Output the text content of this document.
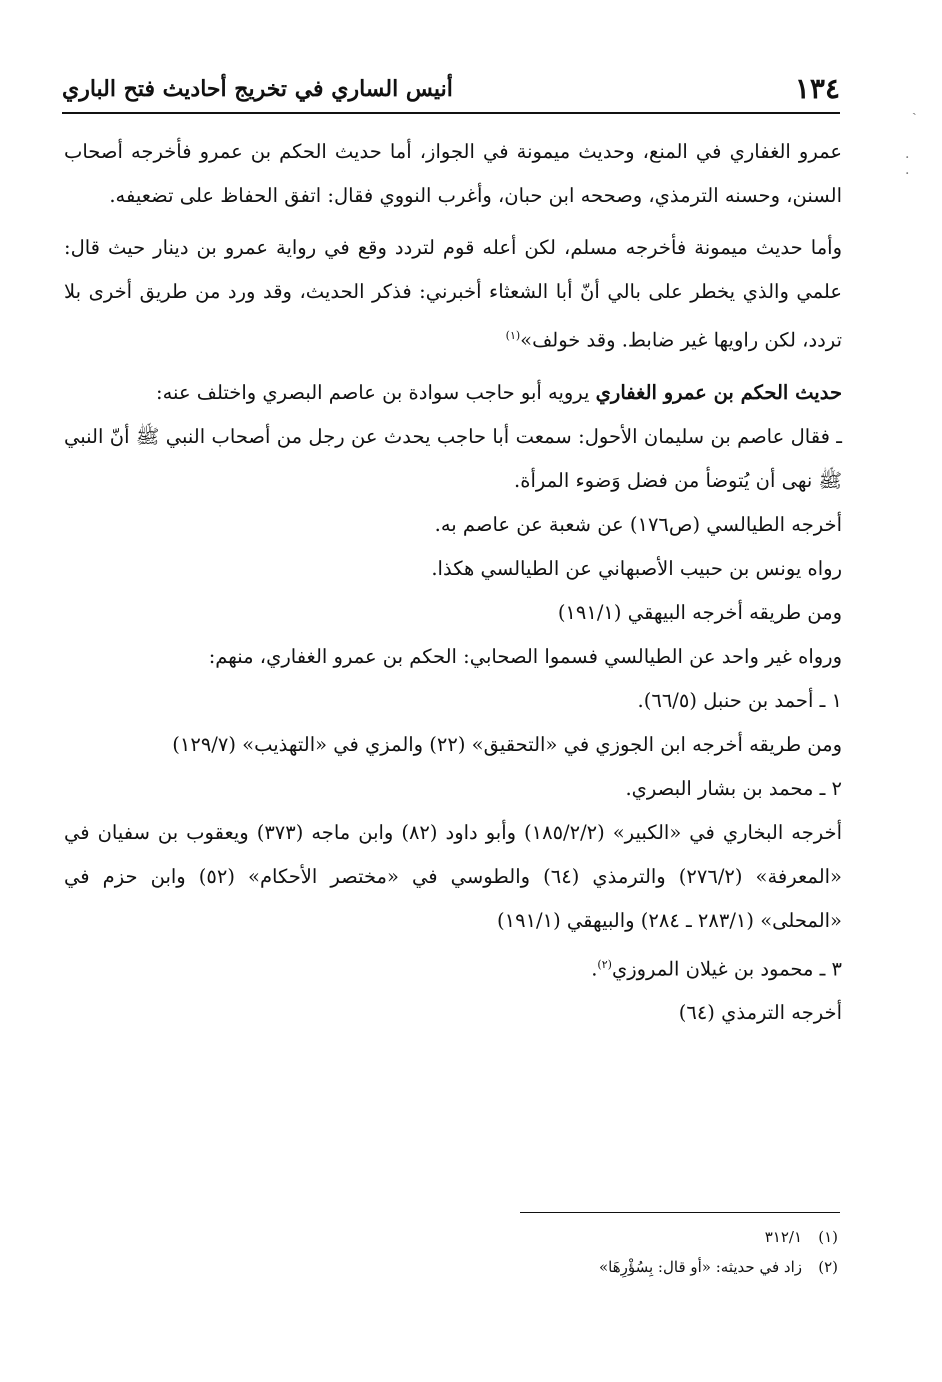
١٣٤
أنيس الساري في تخريج أحاديث فتح الباري
عمرو الغفاري في المنع، وحديث ميمونة في الجواز، أما حديث الحكم بن عمرو فأخرجه أصحاب السنن، وحسنه الترمذي، وصححه ابن حبان، وأغرب النووي فقال: اتفق الحفاظ على تضعيفه.
وأما حديث ميمونة فأخرجه مسلم، لكن أعله قوم لتردد وقع في رواية عمرو بن دينار حيث قال: علمي والذي يخطر على بالي أنّ أبا الشعثاء أخبرني: فذكر الحديث، وقد ورد من طريق أخرى بلا تردد، لكن راويها غير ضابط. وقد خولف»$^{(١)}$
حديث الحكم بن عمرو الغفاري يرويه أبو حاجب سوادة بن عاصم البصري واختلف عنه:
ـ فقال عاصم بن سليمان الأحول: سمعت أبا حاجب يحدث عن رجل من أصحاب النبي ﷺ أنّ النبي ﷺ نهى أن يُتوضأ من فضل وَضوء المرأة.
أخرجه الطيالسي (ص١٧٦) عن شعبة عن عاصم به.
رواه يونس بن حبيب الأصبهاني عن الطيالسي هكذا.
ومن طريقه أخرجه البيهقي (١٩١/١)
ورواه غير واحد عن الطيالسي فسموا الصحابي: الحكم بن عمرو الغفاري، منهم:
١ ـ أحمد بن حنبل (٦٦/٥).
ومن طريقه أخرجه ابن الجوزي في «التحقيق» (٢٢) والمزي في «التهذيب» (١٢٩/٧)
٢ ـ محمد بن بشار البصري.
أخرجه البخاري في «الكبير» (١٨٥/٢/٢) وأبو داود (٨٢) وابن ماجه (٣٧٣) ويعقوب بن سفيان في «المعرفة» (٢٧٦/٢) والترمذي (٦٤) والطوسي في «مختصر الأحكام» (٥٢) وابن حزم في «المحلى» (٢٨٣/١ ـ ٢٨٤) والبيهقي (١٩١/١)
٣ ـ محمود بن غيلان المروزي$^{(٢)}$.
أخرجه الترمذي (٦٤)
(١)٣١٢/١
(٢)زاد في حديثه: «أو قال: بِسُؤْرِهَا»
ˎ
·
·
